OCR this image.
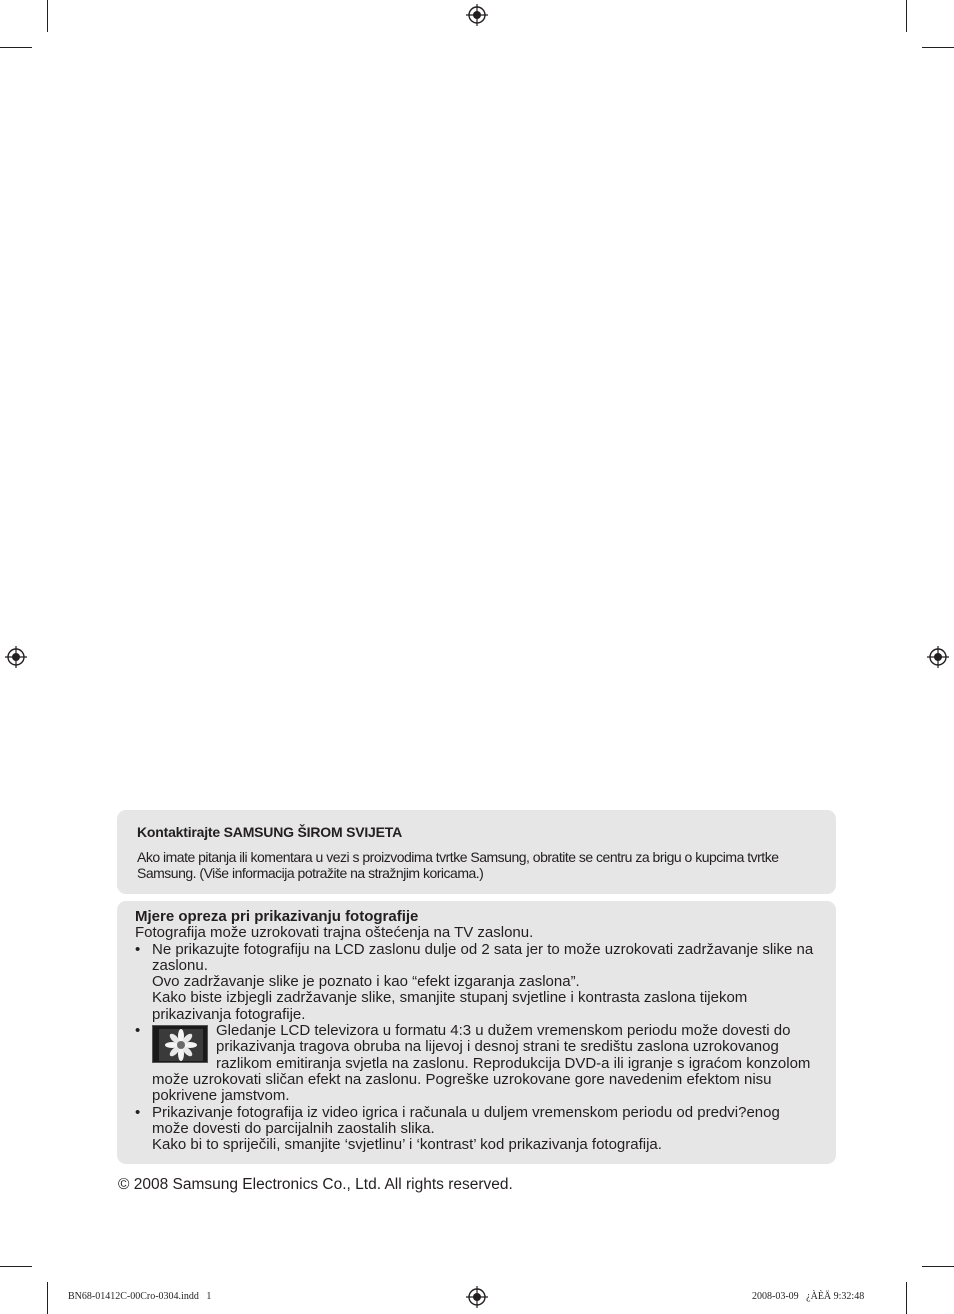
Kontaktirajte SAMSUNG ŠIROM SVIJETA

Ako imate pitanja ili komentara u vezi s proizvodima tvrtke Samsung, obratite se centru za brigu o kupcima tvrtke Samsung. (Više informacija potražite na stražnjim koricama.)

Mjere opreza pri prikazivanju fotografije

Fotografija može uzrokovati trajna oštećenja na TV zaslonu.

• Ne prikazujte fotografiju na LCD zaslonu dulje od 2 sata jer to može uzrokovati zadržavanje slike na zaslonu.
Ovo zadržavanje slike je poznato i kao “efekt izgaranja zaslona”.
Kako biste izbjegli zadržavanje slike, smanjite stupanj svjetline i kontrasta zaslona tijekom prikazivanja fotografije.
•	Gledanje LCD televizora u formatu 4:3 u dužem vremenskom periodu može dovesti do prikazivanja tragova obruba na lijevoj i desnoj strani te središtu zaslona uzrokovanog razlikom emitiranja svjetla na zaslonu. Reprodukcija DVD-a ili igranje s igraćom konzolom može uzrokovati sličan efekt na zaslonu. Pogreške uzrokovane gore navedenim efektom nisu pokrivene jamstvom.
• Prikazivanje fotografija iz video igrica i računala u duljem vremenskom periodu od predvi?enog može dovesti do parcijalnih zaostalih slika.
Kako bi to spriječili, smanjite ‘svjetlinu’ i ‘kontrast’ kod prikazivanja fotografija.

© 2008 Samsung Electronics Co., Ltd. All rights reserved.

BN68-01412C-00Cro-0304.indd   1	2008-03-09   ¿ÀÈÄ 9:32:48
